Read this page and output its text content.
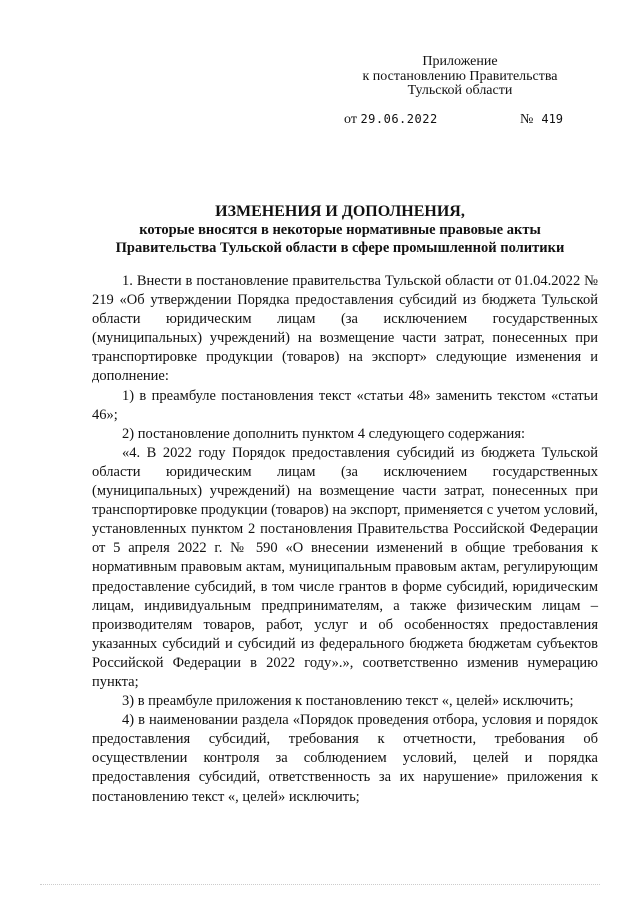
Приложение
к постановлению Правительства
Тульской области
от 29.06.2022	№ 419
ИЗМЕНЕНИЯ И ДОПОЛНЕНИЯ,
которые вносятся в некоторые нормативные правовые акты
Правительства Тульской области в сфере промышленной политики

1. Внести в постановление правительства Тульской области от 01.04.2022 № 219 «Об утверждении Порядка предоставления субсидий из бюджета Тульской области юридическим лицам (за исключением государственных (муниципальных) учреждений) на возмещение части затрат, понесенных при транспортировке продукции (товаров) на экспорт» следующие изменения и дополнение:

1) в преамбуле постановления текст «статьи 48» заменить текстом «статьи 46»;

2) постановление дополнить пунктом 4 следующего содержания:

«4. В 2022 году Порядок предоставления субсидий из бюджета Тульской области юридическим лицам (за исключением государственных (муниципальных) учреждений) на возмещение части затрат, понесенных при транспортировке продукции (товаров) на экспорт, применяется с учетом условий, установленных пунктом 2 постановления Правительства Российской Федерации от 5 апреля 2022 г. № 590 «О внесении изменений в общие требования к нормативным правовым актам, муниципальным правовым актам, регулирующим предоставление субсидий, в том числе грантов в форме субсидий, юридическим лицам, индивидуальным предпринимателям, а также физическим лицам – производителям товаров, работ, услуг и об особенностях предоставления указанных субсидий и субсидий из федерального бюджета бюджетам субъектов Российской Федерации в 2022 году».», соответственно изменив нумерацию пункта;

3) в преамбуле приложения к постановлению текст «, целей» исключить;

4) в наименовании раздела «Порядок проведения отбора, условия и порядок предоставления субсидий, требования к отчетности, требования об осуществлении контроля за соблюдением условий, целей и порядка предоставления субсидий, ответственность за их нарушение» приложения к постановлению текст «, целей» исключить;
